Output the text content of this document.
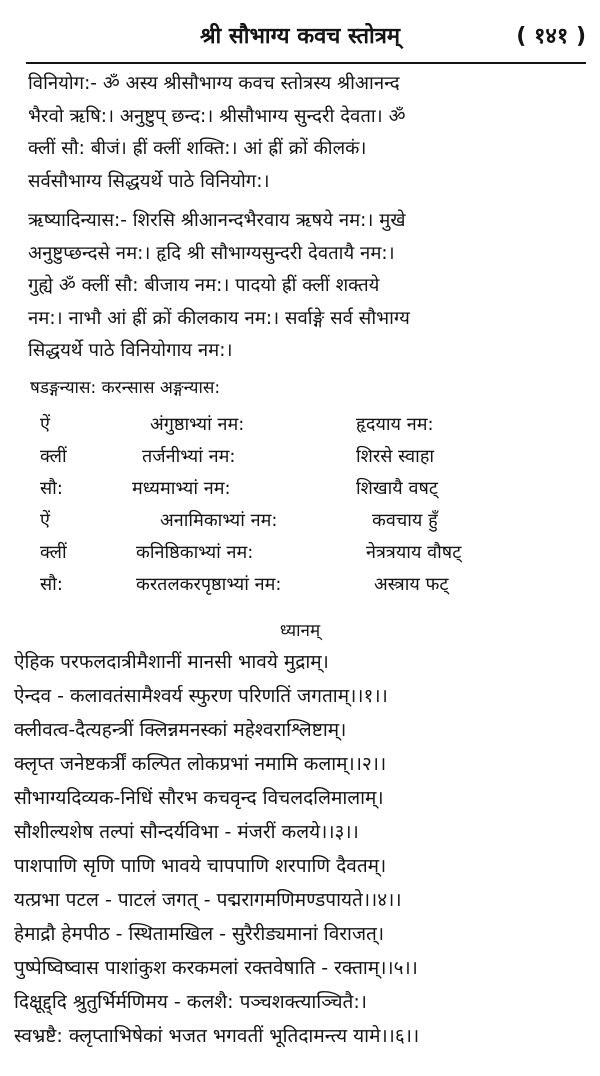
श्री सौभाग्य कवच स्तोत्रम्	( १४१ )
विनियोग:- ॐ अस्य श्रीसौभाग्य कवच स्तोत्रस्य श्रीआनन्द
भैरवो ऋषि:। अनुष्टुप् छन्द:। श्रीसौभाग्य सुन्दरी देवता। ॐ
क्लीं सौ: बीजं। ह्रीं क्लीं शक्ति:। आं ह्रीं क्रों कीलकं।
सर्वसौभाग्य सिद्धयर्थे पाठे विनियोग:।
ऋष्यादिन्यास:- शिरसि श्रीआनन्दभैरवाय ऋषये नम:। मुखे
अनुष्टुप्छन्दसे नम:। हृदि श्री सौभाग्यसुन्दरी देवतायै नम:।
गुह्ये ॐ क्लीं सौ: बीजाय नम:। पादयो ह्रीं क्लीं शक्तये
नम:। नाभौ आं ह्रीं क्रों कीलकाय नम:। सर्वाङ्गे सर्व सौभाग्य
सिद्धयर्थे पाठे विनियोगाय नम:।
षडङ्गन्यास: करन्सास अङ्गन्यास:
ऐं	अंगुष्ठाभ्यां नम:	हृदयाय नम:
क्लीं	तर्जनीभ्यां नम:	शिरसे स्वाहा
सौ:	मध्यमाभ्यां नम:	शिखायै वषट्
ऐं	अनामिकाभ्यां नम:	कवचाय हुँ
क्लीं	कनिष्ठिकाभ्यां नम:	नेत्रत्रयाय वौषट्
सौ:	करतलकरपृष्ठाभ्यां नम:	अस्त्राय फट्
ध्यानम्
ऐहिक परफलदात्रीमैशानीं मानसी भावये मुद्राम्।
ऐन्दव - कलावतंसामैश्वर्य स्फुरण परिणतिं जगताम्।।१।।
क्लीवत्व-दैत्यहन्त्रीं क्लिन्नमनस्कां महेश्वराश्लिष्टाम्।
क्लृप्त जनेष्टकर्त्रीं कल्पित लोकप्रभां नमामि कलाम्।।२।।
सौभाग्यदिव्यक-निधिं सौरभ कचवृन्द विचलदलिमालाम्।
सौशील्यशेष तल्पां सौन्दर्यविभा - मंजरीं कलये।।३।।
पाशपाणि सृणि पाणि भावये चापपाणि शरपाणि दैवतम्।
यत्प्रभा पटल - पाटलं जगत् - पद्मरागमणिमण्डपायते।।४।।
हेमाद्रौ हेमपीठ - स्थितामखिल - सुरैरीड्यमानां विराजत्।
पुष्पेष्विष्वास पाशांकुश करकमलां रक्तवेषाति - रक्ताम्।।५।।
दिक्षूद्द्दि श्रुतुर्भिर्मणिमय - कलशै: पञ्चशक्त्याञ्चितै:।
स्वभ्रष्टै: क्लृप्ताभिषेकां भजत भगवतीं भूतिदामन्त्य यामे।।६।।
